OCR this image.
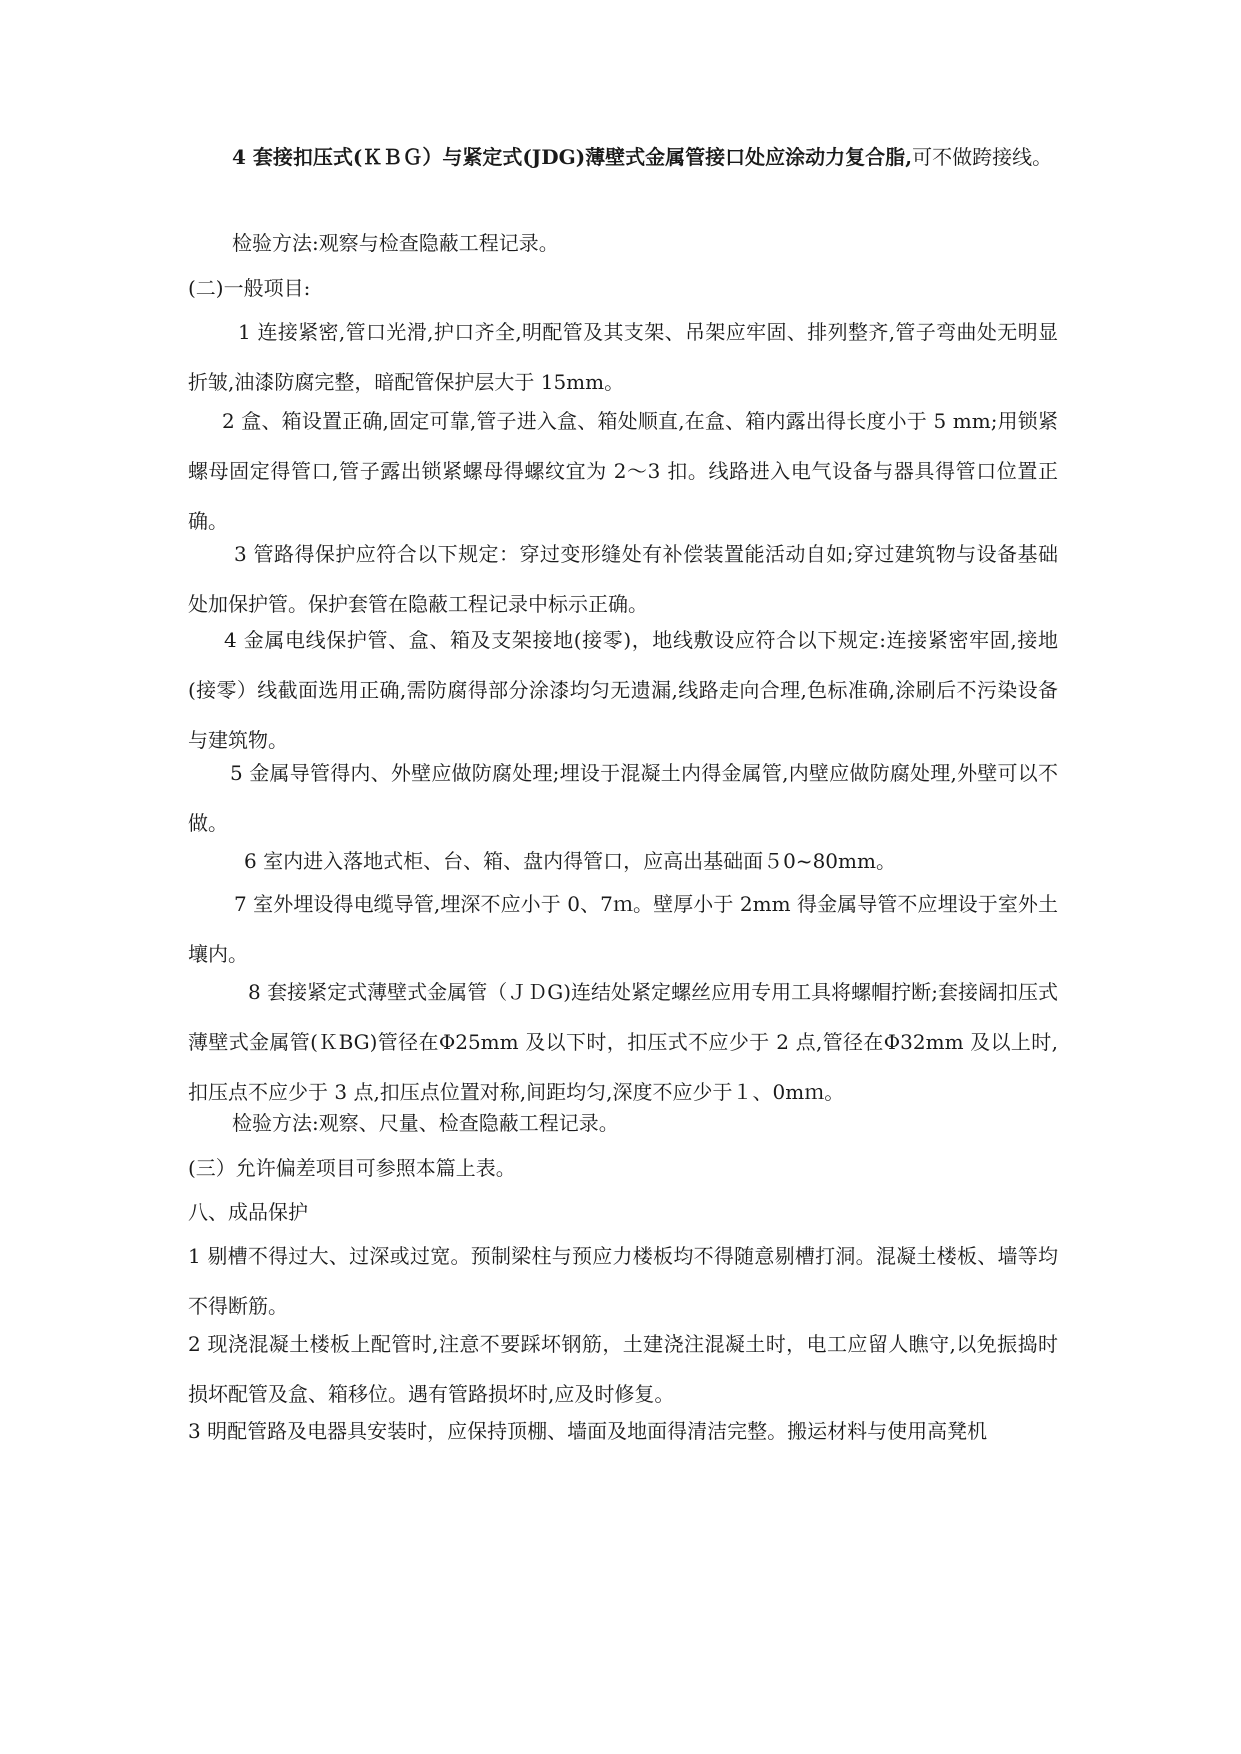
4 套接扣压式(ＫＢＧ）与紧定式(JDG)薄壁式金属管接口处应涂动力复合脂,可不做跨接线。

检验方法:观察与检查隐蔽工程记录。

(二)一般项目:

1 连接紧密,管口光滑,护口齐全,明配管及其支架、吊架应牢固、排列整齐,管子弯曲处无明显折皱,油漆防腐完整，暗配管保护层大于 15mm。

2 盒、箱设置正确,固定可靠,管子进入盒、箱处顺直,在盒、箱内露出得长度小于 5 mm;用锁紧螺母固定得管口,管子露出锁紧螺母得螺纹宜为 2～3 扣。线路进入电气设备与器具得管口位置正确。

3 管路得保护应符合以下规定：穿过变形缝处有补偿装置能活动自如;穿过建筑物与设备基础处加保护管。保护套管在隐蔽工程记录中标示正确。

4 金属电线保护管、盒、箱及支架接地(接零)，地线敷设应符合以下规定:连接紧密牢固,接地(接零）线截面选用正确,需防腐得部分涂漆均匀无遗漏,线路走向合理,色标准确,涂刷后不污染设备与建筑物。

5 金属导管得内、外壁应做防腐处理;埋设于混凝土内得金属管,内壁应做防腐处理,外壁可以不做。

6 室内进入落地式柜、台、箱、盘内得管口，应高出基础面５0~80mm。

7 室外埋设得电缆导管,埋深不应小于 0、7ｍ。壁厚小于 2mm 得金属导管不应埋设于室外土壤内。

8 套接紧定式薄壁式金属管（ＪＤG)连结处紧定螺丝应用专用工具将螺帽拧断;套接阔扣压式薄壁式金属管(ＫBG)管径在Φ25mm 及以下时，扣压式不应少于 2 点,管径在Φ32mm 及以上时,扣压点不应少于 3 点,扣压点位置对称,间距均匀,深度不应少于１、0mｍ。

检验方法:观察、尺量、检查隐蔽工程记录。

(三）允许偏差项目可参照本篇上表。

八、成品保护

1 剔槽不得过大、过深或过宽。预制梁柱与预应力楼板均不得随意剔槽打洞。混凝土楼板、墙等均不得断筋。

2 现浇混凝土楼板上配管时,注意不要踩坏钢筋，土建浇注混凝土时，电工应留人瞧守,以免振捣时损坏配管及盒、箱移位。遇有管路损坏时,应及时修复。

3 明配管路及电器具安装时，应保持顶棚、墙面及地面得清洁完整。搬运材料与使用高凳机
